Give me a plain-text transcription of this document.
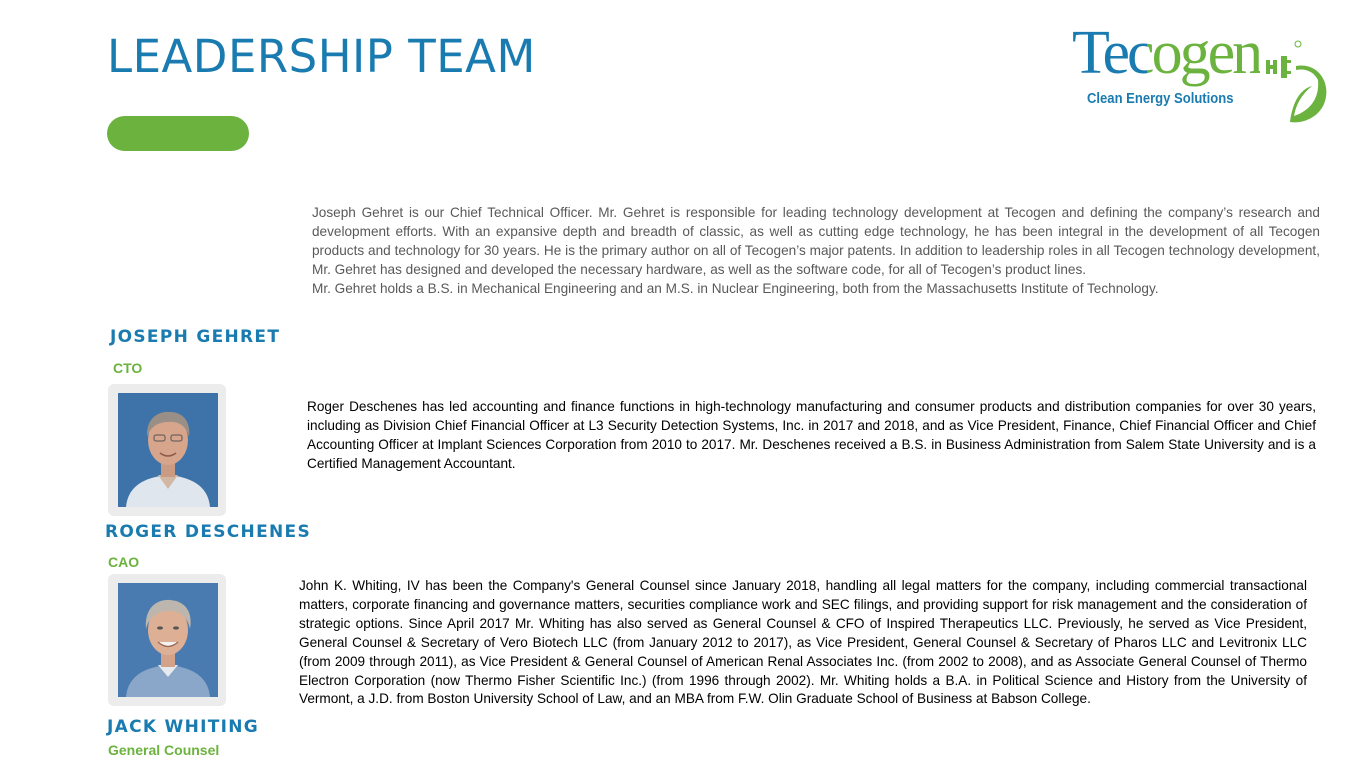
LEADERSHIP TEAM	Tecogen
Clean Energy Solutions

Joseph Gehret is our Chief Technical Officer. Mr. Gehret is responsible for leading technology development at Tecogen and defining the company’s research and development efforts. With an expansive depth and breadth of classic, as well as cutting edge technology, he has been integral in the development of all Tecogen products and technology for 30 years. He is the primary author on all of Tecogen’s major patents. In addition to leadership roles in all Tecogen technology development, Mr. Gehret has designed and developed the necessary hardware, as well as the software code, for all of Tecogen’s product lines.

Mr. Gehret holds a B.S. in Mechanical Engineering and an M.S. in Nuclear Engineering, both from the Massachusetts Institute of Technology.

JOSEPH GEHRET
CTO

Roger Deschenes has led accounting and finance functions in high-technology manufacturing and consumer products and distribution companies for over 30 years, including as Division Chief Financial Officer at L3 Security Detection Systems, Inc. in 2017 and 2018, and as Vice President, Finance, Chief Financial Officer and Chief Accounting Officer at Implant Sciences Corporation from 2010 to 2017. Mr. Deschenes received a B.S. in Business Administration from Salem State University and is a Certified Management Accountant.

ROGER DESCHENES
CAO

John K. Whiting, IV has been the Company's General Counsel since January 2018, handling all legal matters for the company, including commercial transactional matters, corporate financing and governance matters, securities compliance work and SEC filings, and providing support for risk management and the consideration of strategic options. Since April 2017 Mr. Whiting has also served as General Counsel & CFO of Inspired Therapeutics LLC. Previously, he served as Vice President, General Counsel & Secretary of Vero Biotech LLC (from January 2012 to 2017), as Vice President, General Counsel & Secretary of Pharos LLC and Levitronix LLC (from 2009 through 2011), as Vice President & General Counsel of American Renal Associates Inc. (from 2002 to 2008), and as Associate General Counsel of Thermo Electron Corporation (now Thermo Fisher Scientific Inc.) (from 1996 through 2002). Mr. Whiting holds a B.A. in Political Science and History from the University of Vermont, a J.D. from Boston University School of Law, and an MBA from F.W. Olin Graduate School of Business at Babson College.

JACK WHITING
General Counsel
